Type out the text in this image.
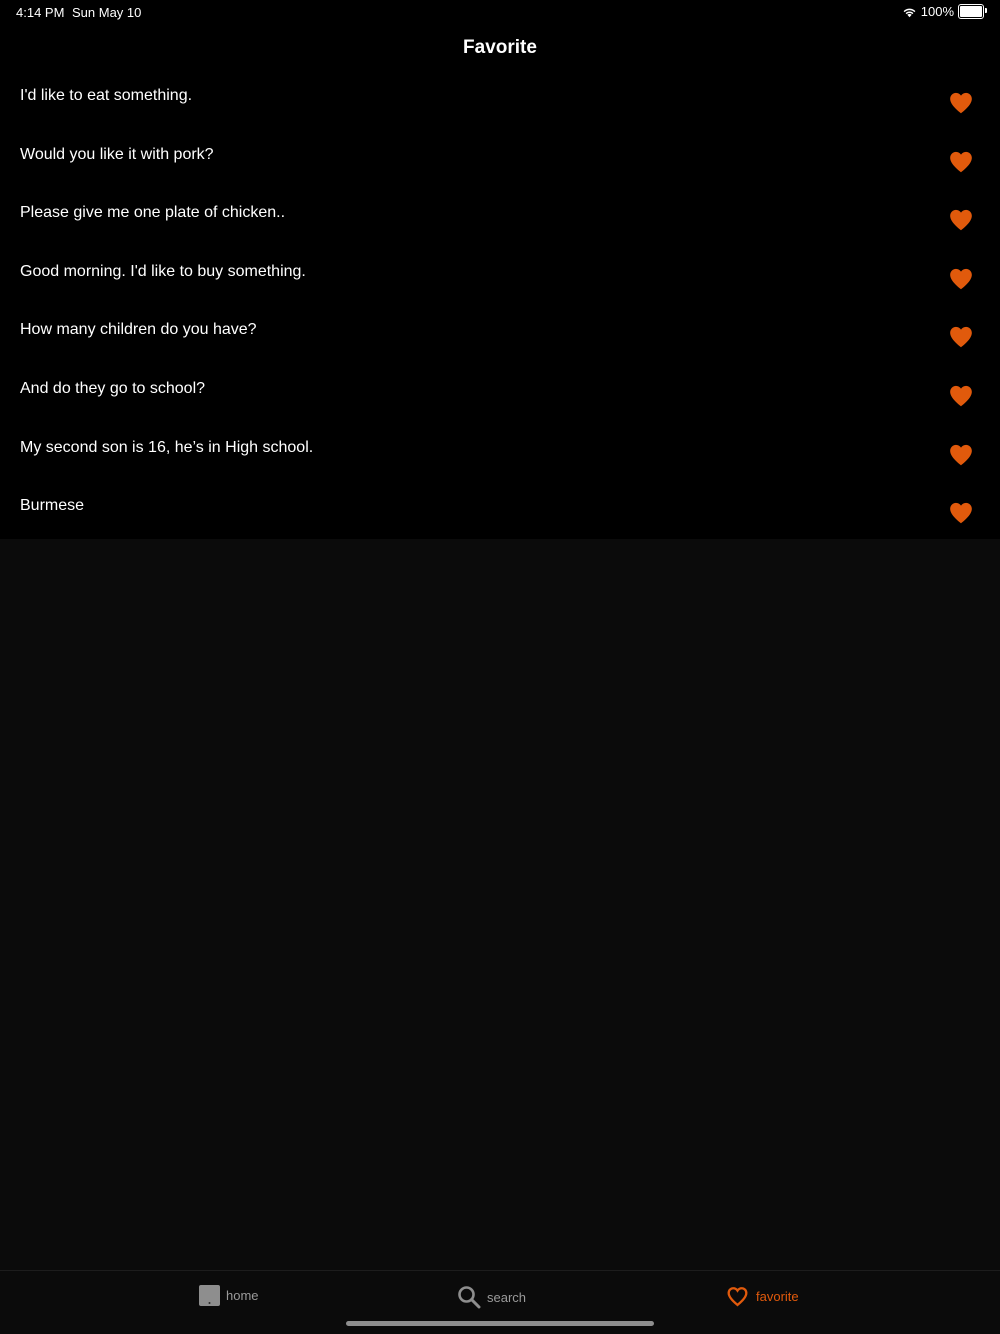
4:14 PM Sun May 10	100%
Favorite
I'd like to eat something.
Would you like it with pork?
Please give me one plate of chicken..
Good morning. I'd like to buy something.
How many children do you have?
And do they go to school?
My second son is 16, he’s in High school.
Burmese
home	search	favorite
